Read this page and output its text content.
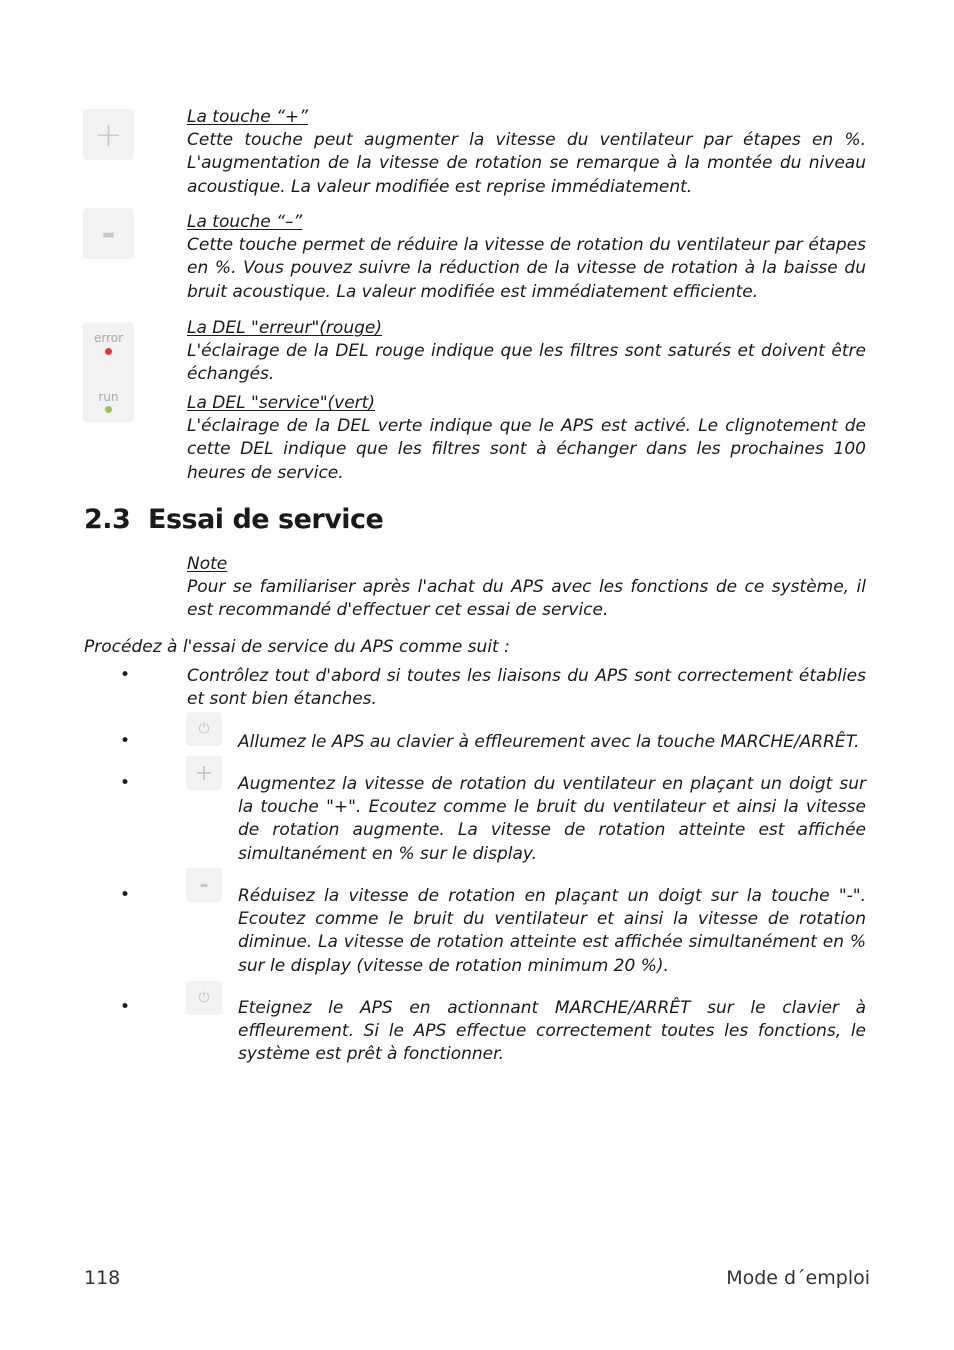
+
-
error
run
La touche “+”
Cette touche peut augmenter la vitesse du ventilateur par étapes en %. L'augmentation de la vitesse de rotation se remarque à la montée du niveau acoustique. La valeur modifiée est reprise immédiatement.
La touche “–”
Cette touche permet de réduire la vitesse de rotation du ventilateur par étapes en %. Vous pouvez suivre la réduction de la vitesse de rotation à la baisse du bruit acoustique. La valeur modifiée est immédiatement efficiente.
La DEL "erreur"(rouge)
L'éclairage de la DEL rouge indique que les filtres sont saturés et doivent être échangés.
La DEL "service"(vert)
L'éclairage de la DEL verte indique que le APS est activé. Le clignotement de cette DEL indique que les filtres sont à échanger dans les prochaines 100 heures de service.
2.3 Essai de service
Note
Pour se familiariser après l'achat du APS avec les fonctions de ce système, il est recommandé d'effectuer cet essai de service.
Procédez à l'essai de service du APS comme suit :
•	Contrôlez tout d'abord si toutes les liaisons du APS sont correctement établies et sont bien étanches.
⏻
•	Allumez le APS au clavier à effleurement avec la touche MARCHE/ARRÊT.
+
•	Augmentez la vitesse de rotation du ventilateur en plaçant un doigt sur la touche "+". Ecoutez comme le bruit du ventilateur et ainsi la vitesse de rotation augmente. La vitesse de rotation atteinte est affichée simultanément en % sur le display.
-
•	Réduisez la vitesse de rotation en plaçant un doigt sur la touche "-". Ecoutez comme le bruit du ventilateur et ainsi la vitesse de rotation diminue. La vitesse de rotation atteinte est affichée simultanément en % sur le display (vitesse de rotation minimum 20 %).
⏻
•	Eteignez le APS en actionnant MARCHE/ARRÊT sur le clavier à effleurement. Si le APS effectue correctement toutes les fonctions, le système est prêt à fonctionner.
118	Mode d´emploi
